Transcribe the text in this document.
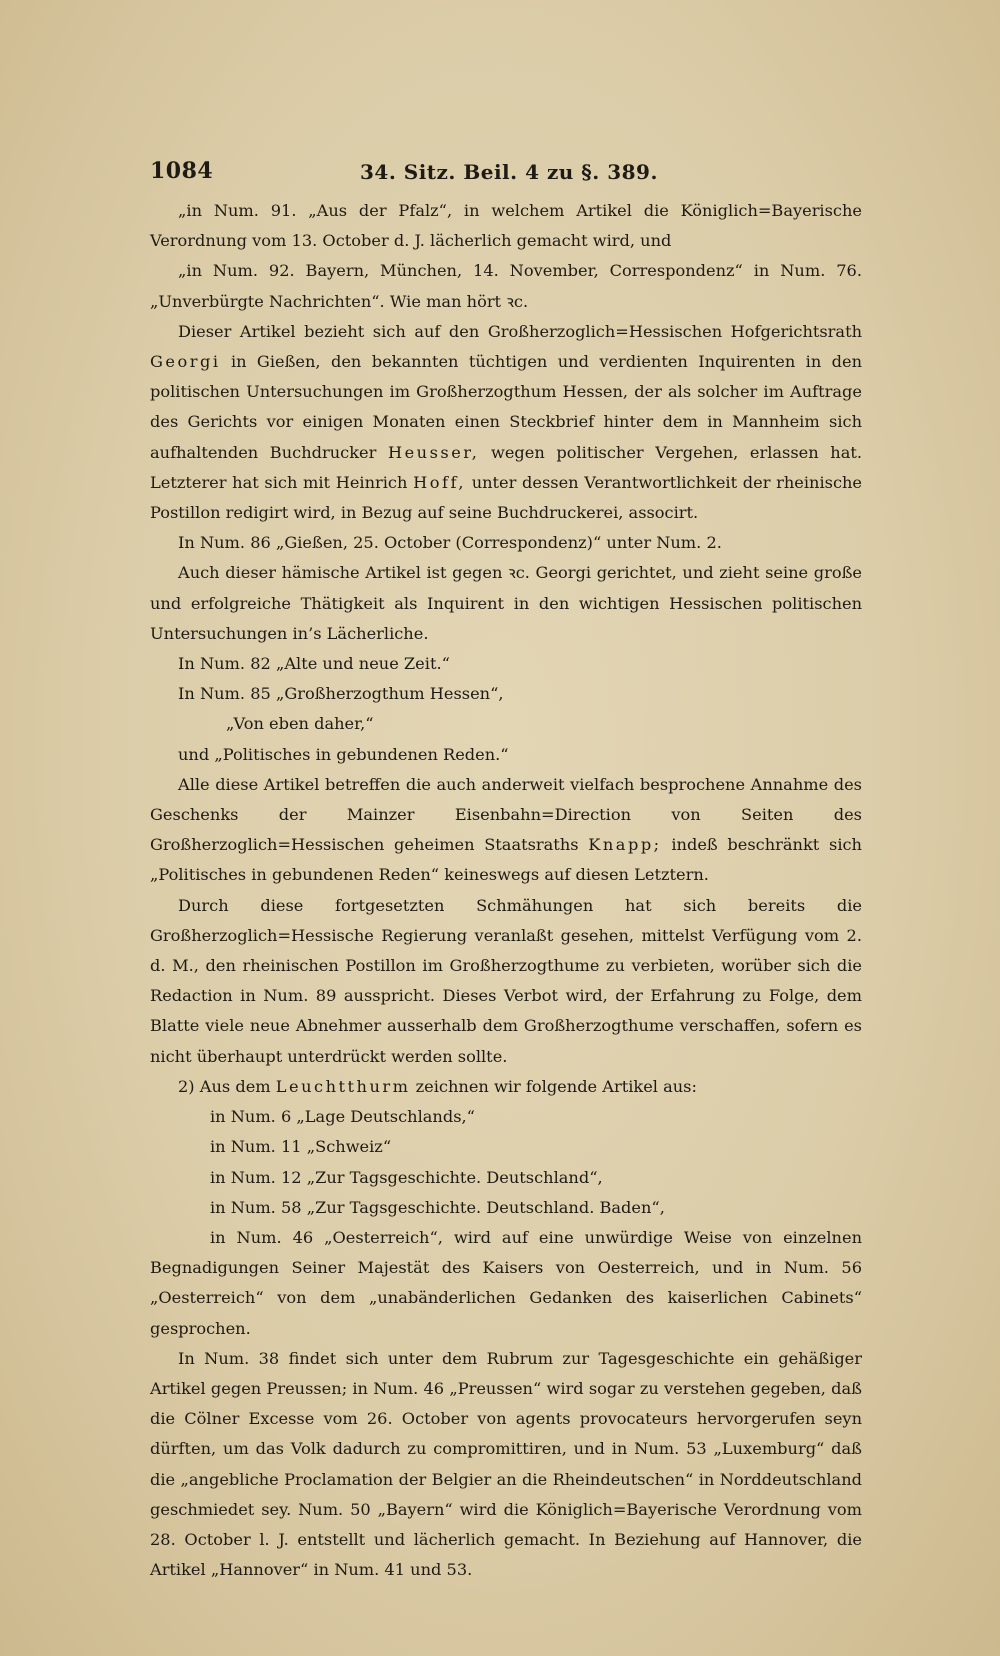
1084	34. Sitz. Beil. 4 zu §. 389.

„in Num. 91. „Aus der Pfalz“, in welchem Artikel die Königlich=Bayerische Verordnung vom 13. October d. J. lächerlich gemacht wird, und

„in Num. 92. Bayern, München, 14. November, Correspondenz“ in Num. 76. „Unverbürgte Nachrichten“. Wie man hört ꝛc.

Dieser Artikel bezieht sich auf den Großherzoglich=Hessischen Hofgerichtsrath Georgi in Gießen, den bekannten tüchtigen und verdienten Inquirenten in den politischen Untersuchungen im Großherzogthum Hessen, der als solcher im Auftrage des Gerichts vor einigen Monaten einen Steckbrief hinter dem in Mannheim sich aufhaltenden Buchdrucker Heusser, wegen politischer Vergehen, erlassen hat. Letzterer hat sich mit Heinrich Hoff, unter dessen Verantwortlichkeit der rheinische Postillon redigirt wird, in Bezug auf seine Buchdruckerei, associrt.

In Num. 86 „Gießen, 25. October (Correspondenz)“ unter Num. 2.

Auch dieser hämische Artikel ist gegen ꝛc. Georgi gerichtet, und zieht seine große und erfolgreiche Thätigkeit als Inquirent in den wichtigen Hessischen politischen Untersuchungen in’s Lächerliche.

In Num. 82 „Alte und neue Zeit.“

In Num. 85 „Großherzogthum Hessen“,

„Von eben daher,“

und „Politisches in gebundenen Reden.“

Alle diese Artikel betreffen die auch anderweit vielfach besprochene Annahme des Geschenks der Mainzer Eisenbahn=Direction von Seiten des Großherzoglich=Hessischen geheimen Staatsraths Knapp; indeß beschränkt sich „Politisches in gebundenen Reden“ keineswegs auf diesen Letztern.

Durch diese fortgesetzten Schmähungen hat sich bereits die Großherzoglich=Hessische Regierung veranlaßt gesehen, mittelst Verfügung vom 2. d. M., den rheinischen Postillon im Großherzogthume zu verbieten, worüber sich die Redaction in Num. 89 ausspricht. Dieses Verbot wird, der Erfahrung zu Folge, dem Blatte viele neue Abnehmer ausserhalb dem Großherzogthume verschaffen, sofern es nicht überhaupt unterdrückt werden sollte.

2) Aus dem Leuchtthurm zeichnen wir folgende Artikel aus:

in Num. 6 „Lage Deutschlands,“

in Num. 11 „Schweiz“

in Num. 12 „Zur Tagsgeschichte. Deutschland“,

in Num. 58 „Zur Tagsgeschichte. Deutschland. Baden“,

in Num. 46 „Oesterreich“, wird auf eine unwürdige Weise von einzelnen Begnadigungen Seiner Majestät des Kaisers von Oesterreich, und in Num. 56 „Oesterreich“ von dem „unabänderlichen Gedanken des kaiserlichen Cabinets“ gesprochen.

In Num. 38 findet sich unter dem Rubrum zur Tagesgeschichte ein gehäßiger Artikel gegen Preussen; in Num. 46 „Preussen“ wird sogar zu verstehen gegeben, daß die Cölner Excesse vom 26. October von agents provocateurs hervorgerufen seyn dürften, um das Volk dadurch zu compromittiren, und in Num. 53 „Luxemburg“ daß die „angebliche Proclamation der Belgier an die Rheindeutschen“ in Norddeutschland geschmiedet sey. Num. 50 „Bayern“ wird die Königlich=Bayerische Verordnung vom 28. October l. J. entstellt und lächerlich gemacht. In Beziehung auf Hannover, die Artikel „Hannover“ in Num. 41 und 53.
